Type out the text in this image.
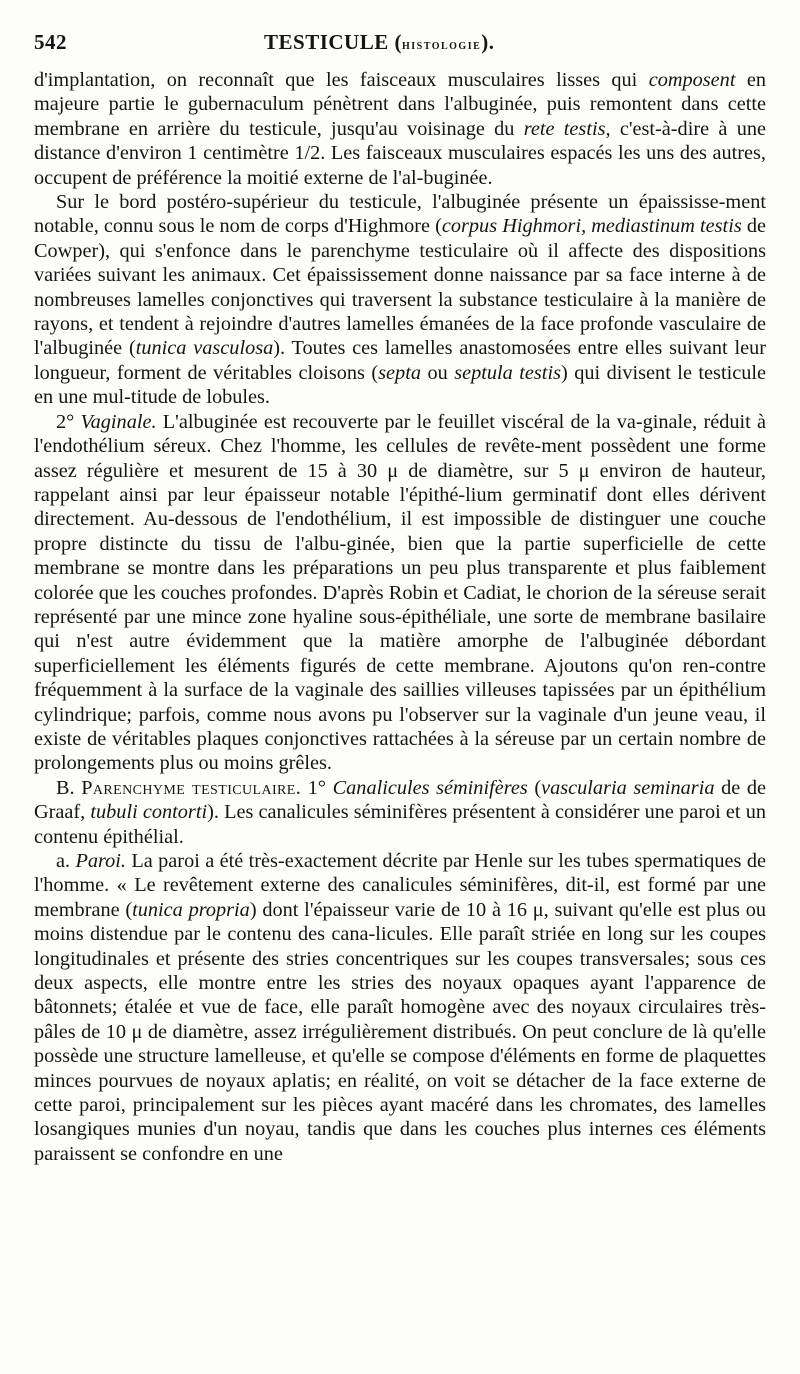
542	TESTICULE (histologie).

d'implantation, on reconnaît que les faisceaux musculaires lisses qui composent en majeure partie le gubernaculum pénètrent dans l'albuginée, puis remontent dans cette membrane en arrière du testicule, jusqu'au voisinage du rete testis, c'est-à-dire à une distance d'environ 1 centimètre 1/2. Les faisceaux musculaires espacés les uns des autres, occupent de préférence la moitié externe de l'al-buginée.

Sur le bord postéro-supérieur du testicule, l'albuginée présente un épaississe-ment notable, connu sous le nom de corps d'Highmore (corpus Highmori, mediastinum testis de Cowper), qui s'enfonce dans le parenchyme testiculaire où il affecte des dispositions variées suivant les animaux. Cet épaississement donne naissance par sa face interne à de nombreuses lamelles conjonctives qui traversent la substance testiculaire à la manière de rayons, et tendent à rejoindre d'autres lamelles émanées de la face profonde vasculaire de l'albuginée (tunica vasculosa). Toutes ces lamelles anastomosées entre elles suivant leur longueur, forment de véritables cloisons (septa ou septula testis) qui divisent le testicule en une mul-titude de lobules.

2° Vaginale. L'albuginée est recouverte par le feuillet viscéral de la va-ginale, réduit à l'endothélium séreux. Chez l'homme, les cellules de revête-ment possèdent une forme assez régulière et mesurent de 15 à 30 μ de diamètre, sur 5 μ environ de hauteur, rappelant ainsi par leur épaisseur notable l'épithé-lium germinatif dont elles dérivent directement. Au-dessous de l'endothélium, il est impossible de distinguer une couche propre distincte du tissu de l'albu-ginée, bien que la partie superficielle de cette membrane se montre dans les préparations un peu plus transparente et plus faiblement colorée que les couches profondes. D'après Robin et Cadiat, le chorion de la séreuse serait représenté par une mince zone hyaline sous-épithéliale, une sorte de membrane basilaire qui n'est autre évidemment que la matière amorphe de l'albuginée débordant superficiellement les éléments figurés de cette membrane. Ajoutons qu'on ren-contre fréquemment à la surface de la vaginale des saillies villeuses tapissées par un épithélium cylindrique; parfois, comme nous avons pu l'observer sur la vaginale d'un jeune veau, il existe de véritables plaques conjonctives rattachées à la séreuse par un certain nombre de prolongements plus ou moins grêles.

B. Parenchyme testiculaire. 1° Canalicules séminifères (vascularia seminaria de de Graaf, tubuli contorti). Les canalicules séminifères présentent à considérer une paroi et un contenu épithélial.

a. Paroi. La paroi a été très-exactement décrite par Henle sur les tubes spermatiques de l'homme. « Le revêtement externe des canalicules séminifères, dit-il, est formé par une membrane (tunica propria) dont l'épaisseur varie de 10 à 16 μ, suivant qu'elle est plus ou moins distendue par le contenu des cana-licules. Elle paraît striée en long sur les coupes longitudinales et présente des stries concentriques sur les coupes transversales; sous ces deux aspects, elle montre entre les stries des noyaux opaques ayant l'apparence de bâtonnets; étalée et vue de face, elle paraît homogène avec des noyaux circulaires très-pâles de 10 μ de diamètre, assez irrégulièrement distribués. On peut conclure de là qu'elle possède une structure lamelleuse, et qu'elle se compose d'éléments en forme de plaquettes minces pourvues de noyaux aplatis; en réalité, on voit se détacher de la face externe de cette paroi, principalement sur les pièces ayant macéré dans les chromates, des lamelles losangiques munies d'un noyau, tandis que dans les couches plus internes ces éléments paraissent se confondre en une
